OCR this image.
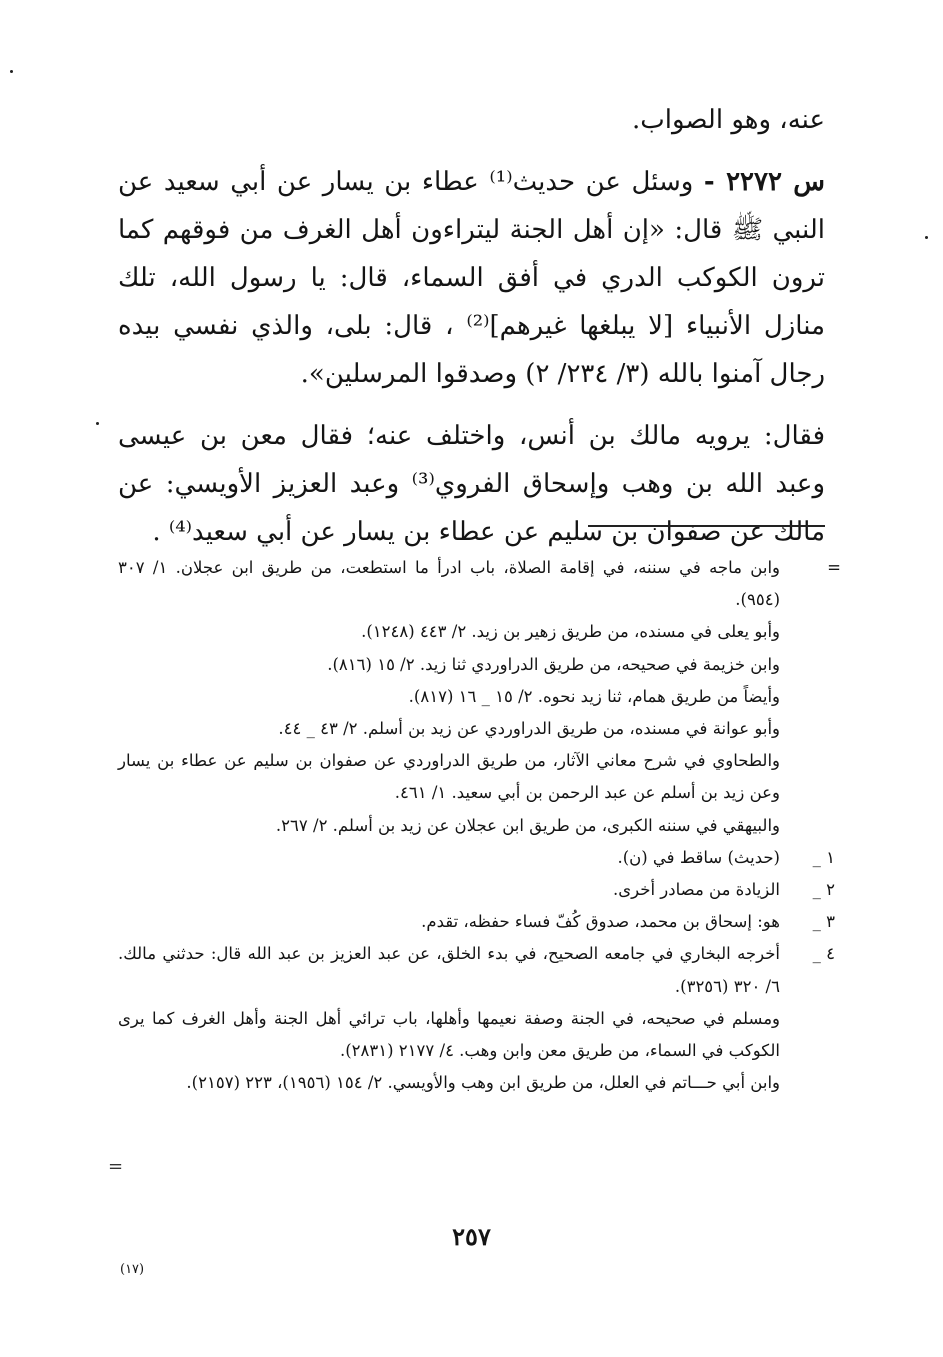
عنه، وهو الصواب.

س ٢٢٧٢ - وسئل عن حديث⁽¹⁾ عطاء بن يسار عن أبي سعيد عن النبي ﷺ قال: «إن أهل الجنة ليتراءون أهل الغرف من فوقهم كما ترون الكوكب الدري في أفق السماء، قال: يا رسول الله، تلك منازل الأنبياء [لا يبلغها غيرهم]⁽²⁾ ، قال: بلى، والذي نفسي بيده رجال آمنوا بالله (٣/ ٢٣٤/ ٢) وصدقوا المرسلين».

فقال: يرويه مالك بن أنس، واختلف عنه؛ فقال معن بن عيسى وعبد الله بن وهب وإسحاق الفروي⁽³⁾ وعبد العزيز الأويسي: عن مالك عن صفوان بن سليم عن عطاء بن يسار عن أبي سعيد⁽⁴⁾ .

=
وابن ماجه في سننه، في إقامة الصلاة، باب ادرأ ما استطعت، من طريق ابن عجلان. ١/ ٣٠٧ (٩٥٤).

وأبو يعلى في مسنده، من طريق زهير بن زيد. ٢/ ٤٤٣ (١٢٤٨).

وابن خزيمة في صحيحه، من طريق الدراوردي ثنا زيد. ٢/ ١٥ (٨١٦).

وأيضاً من طريق همام، ثنا زيد نحوه. ٢/ ١٥ _ ١٦ (٨١٧).

وأبو عوانة في مسنده، من طريق الدراوردي عن زيد بن أسلم. ٢/ ٤٣ _ ٤٤.

والطحاوي في شرح معاني الآثار، من طريق الدراوردي عن صفوان بن سليم عن عطاء بن يسار وعن زيد بن أسلم عن عبد الرحمن بن أبي سعيد. ١/ ٤٦١.

والبيهقي في سننه الكبرى، من طريق ابن عجلان عن زيد بن أسلم. ٢/ ٢٦٧.

١ _
(حديث) ساقط في (ن).

٢ _
الزيادة من مصادر أخرى.

٣ _
هو: إسحاق بن محمد، صدوق كُفّ فساء حفظه، تقدم.

٤ _
أخرجه البخاري في جامعه الصحيح، في بدء الخلق، عن عبد العزيز بن عبد الله قال: حدثني مالك. ٦/ ٣٢٠ (٣٢٥٦).

ومسلم في صحيحه، في الجنة وصفة نعيمها وأهلها، باب ترائي أهل الجنة وأهل الغرف كما يرى الكوكب في السماء، من طريق معن وابن وهب. ٤/ ٢١٧٧ (٢٨٣١).

وابن أبي حـــاتم في العلل، من طريق ابن وهب والأويسي. ٢/ ١٥٤ (١٩٥٦)، ٢٢٣ (٢١٥٧).

=
٢٥٧
(١٧)
